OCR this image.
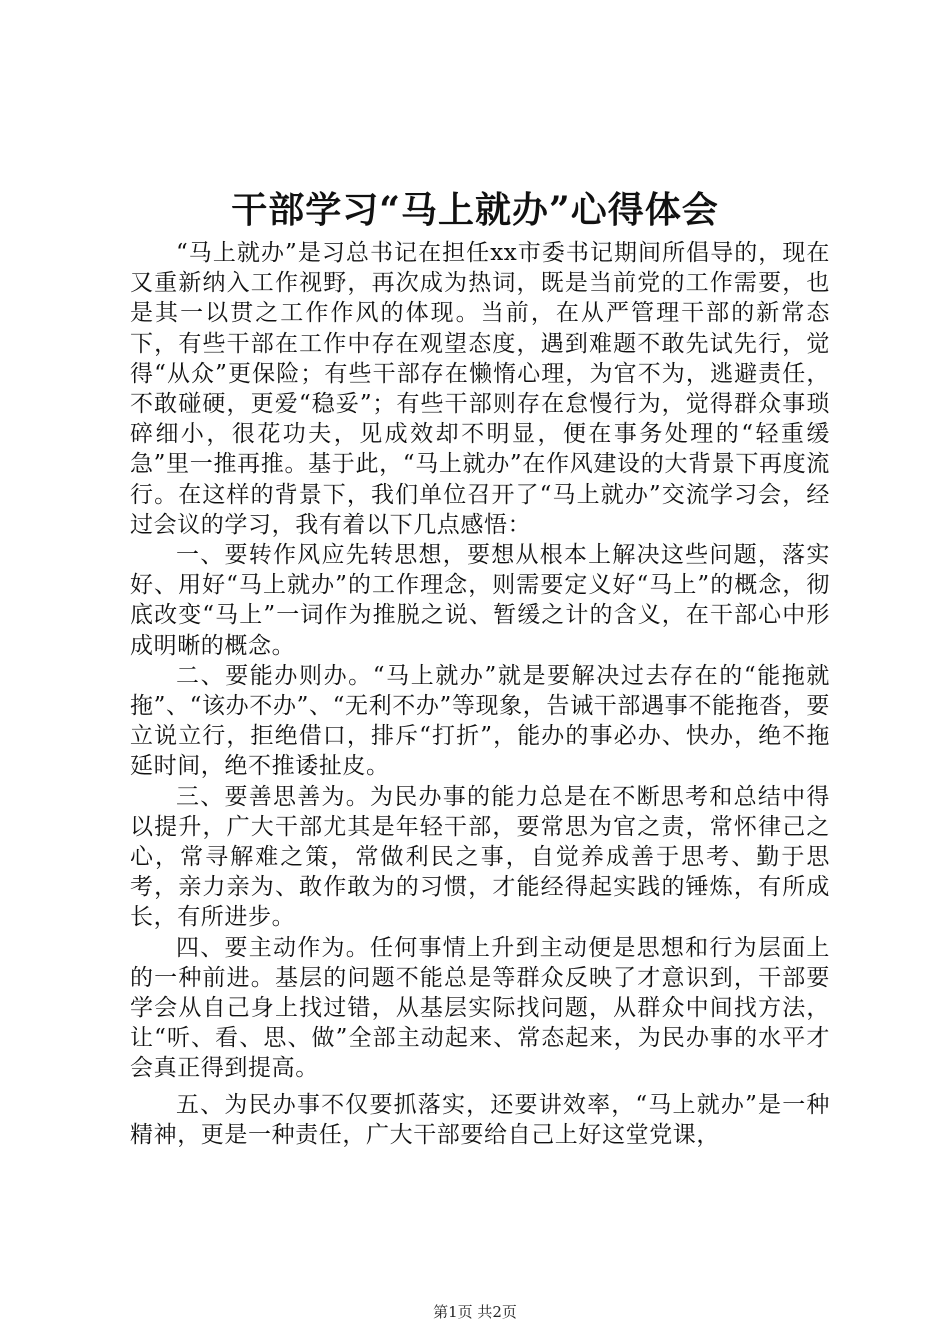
干部学习“马上就办”心得体会

“马上就办”是习总书记在担任xx市委书记期间所倡导的，现在又重新纳入工作视野，再次成为热词，既是当前党的工作需要，也是其一以贯之工作作风的体现。当前，在从严管理干部的新常态下，有些干部在工作中存在观望态度，遇到难题不敢先试先行，觉得“从众”更保险；有些干部存在懒惰心理，为官不为，逃避责任，不敢碰硬，更爱“稳妥”；有些干部则存在怠慢行为，觉得群众事琐碎细小，很花功夫，见成效却不明显，便在事务处理的“轻重缓急”里一推再推。基于此，“马上就办”在作风建设的大背景下再度流行。在这样的背景下，我们单位召开了“马上就办”交流学习会，经过会议的学习，我有着以下几点感悟：

一、要转作风应先转思想，要想从根本上解决这些问题，落实好、用好“马上就办”的工作理念，则需要定义好“马上”的概念，彻底改变“马上”一词作为推脱之说、暂缓之计的含义，在干部心中形成明晰的概念。

二、要能办则办。“马上就办”就是要解决过去存在的“能拖就拖”、“该办不办”、“无利不办”等现象，告诫干部遇事不能拖沓，要立说立行，拒绝借口，排斥“打折”，能办的事必办、快办，绝不拖延时间，绝不推诿扯皮。

三、要善思善为。为民办事的能力总是在不断思考和总结中得以提升，广大干部尤其是年轻干部，要常思为官之责，常怀律己之心，常寻解难之策，常做利民之事，自觉养成善于思考、勤于思考，亲力亲为、敢作敢为的习惯，才能经得起实践的锤炼，有所成长，有所进步。

四、要主动作为。任何事情上升到主动便是思想和行为层面上的一种前进。基层的问题不能总是等群众反映了才意识到，干部要学会从自己身上找过错，从基层实际找问题，从群众中间找方法，让“听、看、思、做”全部主动起来、常态起来，为民办事的水平才会真正得到提高。

五、为民办事不仅要抓落实，还要讲效率，“马上就办”是一种精神，更是一种责任，广大干部要给自己上好这堂党课，

第1页 共2页
